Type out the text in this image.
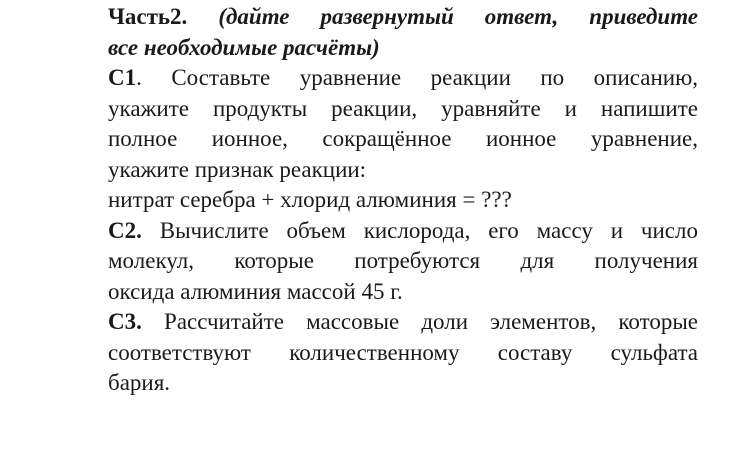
Часть2. (дайте развернутый ответ, приведите
все необходимые расчёты)
С1. Составьте уравнение реакции по описанию,
укажите продукты реакции, уравняйте и напишите
полное ионное, сокращённое ионное уравнение,
укажите признак реакции:
нитрат серебра + хлорид алюминия = ???
С2. Вычислите объем кислорода, его массу и число
молекул, которые потребуются для получения
оксида алюминия массой 45 г.
С3. Рассчитайте массовые доли элементов, которые
соответствуют количественному составу сульфата
бария.
